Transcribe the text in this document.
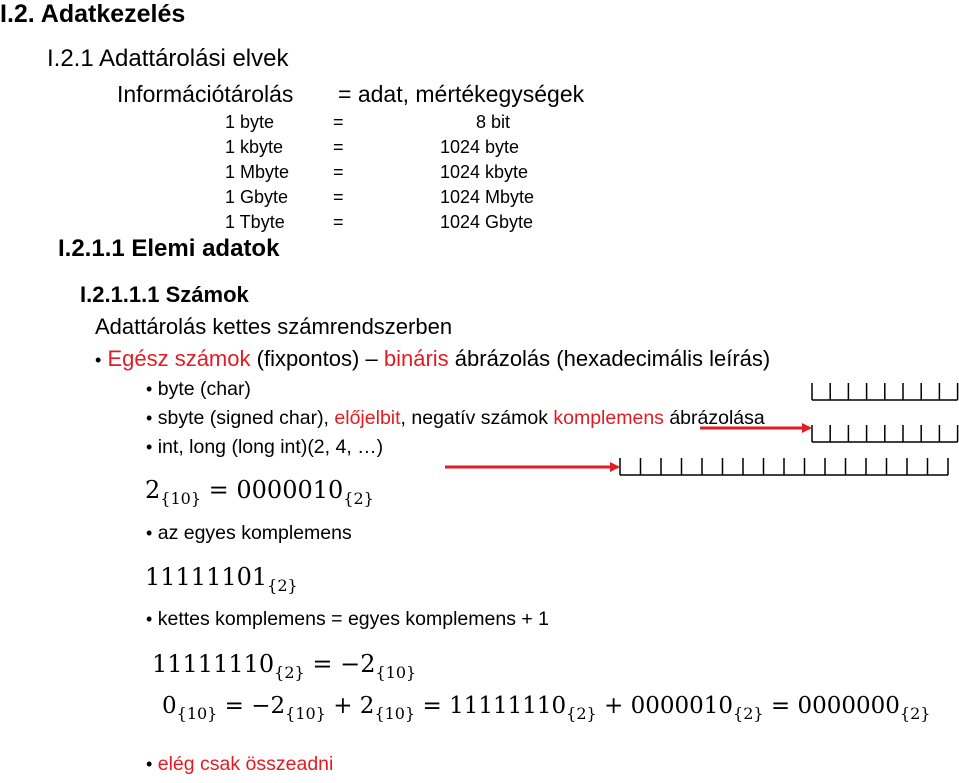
I.2. Adatkezelés
I.2.1 Adattárolási elvek
Információtárolás = adat, mértékegységek
1 byte	=	8 bit
1 kbyte	=	1024 byte
1 Mbyte =	1024 kbyte
1 Gbyte =	1024 Mbyte
1 Tbyte	=	1024 Gbyte
I.2.1.1 Elemi adatok
I.2.1.1.1 Számok
Adattárolás kettes számrendszerben
• Egész számok (fixpontos) – bináris ábrázolás (hexadecimális leírás)
• byte (char)
• sbyte (signed char), előjelbit, negatív számok komplemens ábrázolása
• int, long (long int)(2, 4, …)
$2_{\{10\}} = 0000010_{\{2\}}$
• az egyes komplemens
$11111101_{\{2\}}$
• kettes komplemens = egyes komplemens + 1
$11111110_{\{2\}} = -2_{\{10\}}$
$0_{\{10\}} = -2_{\{10\}} + 2_{\{10\}} = 11111110_{\{2\}} + 0000010_{\{2\}} = 0000000_{\{2\}}$
• elég csak összeadni
